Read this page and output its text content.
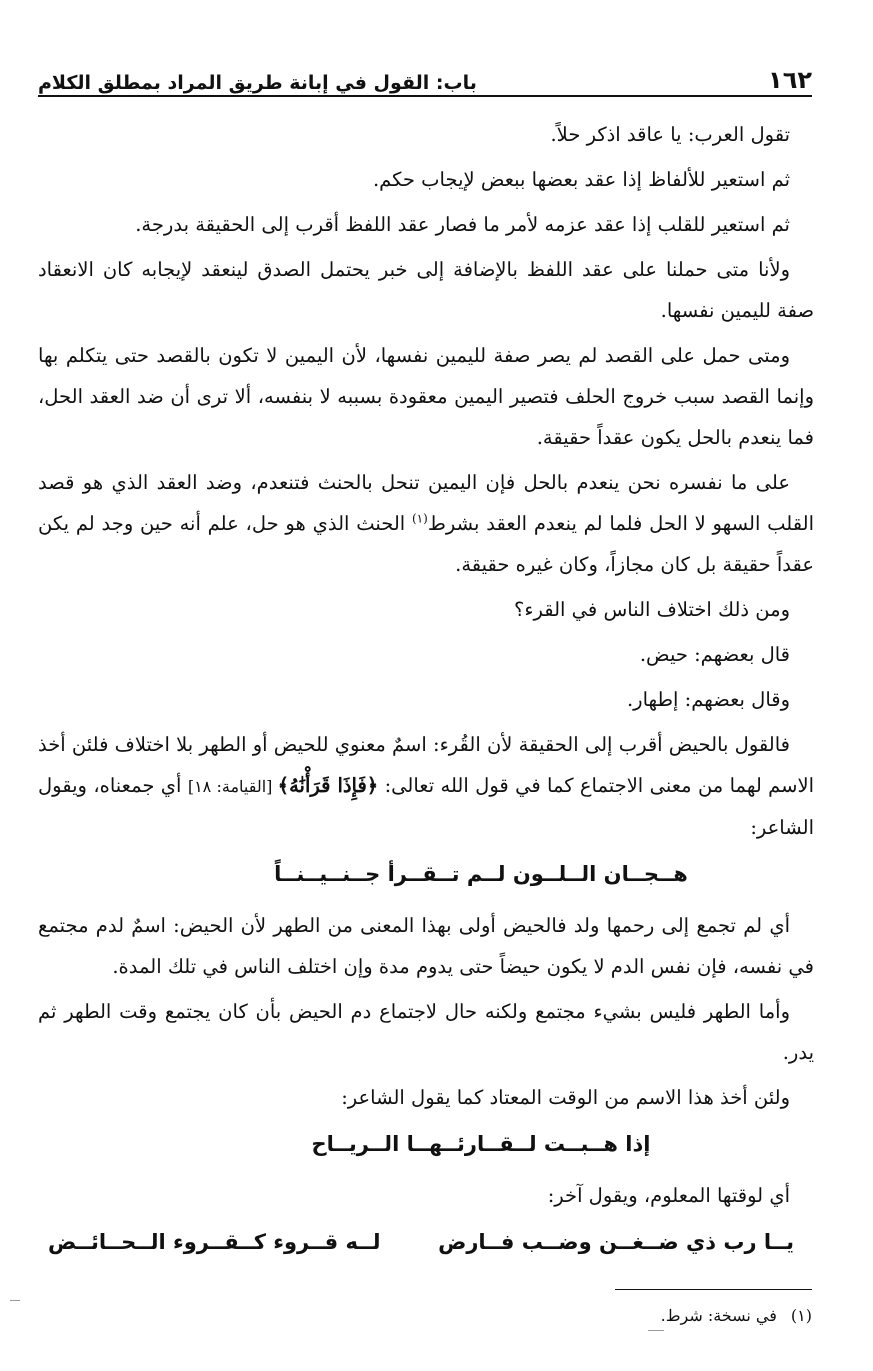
١٦٢
باب: القول في إبانة طريق المراد بمطلق الكلام

تقول العرب: يا عاقد اذكر حلاً.

ثم استعير للألفاظ إذا عقد بعضها ببعض لإيجاب حكم.

ثم استعير للقلب إذا عقد عزمه لأمر ما فصار عقد اللفظ أقرب إلى الحقيقة بدرجة.

ولأنا متى حملنا على عقد اللفظ بالإضافة إلى خبر يحتمل الصدق لينعقد لإيجابه كان الانعقاد صفة لليمين نفسها.

ومتى حمل على القصد لم يصر صفة لليمين نفسها، لأن اليمين لا تكون بالقصد حتى يتكلم بها وإنما القصد سبب خروج الحلف فتصير اليمين معقودة بسببه لا بنفسه، ألا ترى أن ضد العقد الحل، فما ينعدم بالحل يكون عقداً حقيقة.

على ما نفسره نحن ينعدم بالحل فإن اليمين تنحل بالحنث فتنعدم، وضد العقد الذي هو قصد القلب السهو لا الحل فلما لم ينعدم العقد بشرط$^{(١)}$ الحنث الذي هو حل، علم أنه حين وجد لم يكن عقداً حقيقة بل كان مجازاً، وكان غيره حقيقة.

ومن ذلك اختلاف الناس في القرء؟

قال بعضهم: حيض.

وقال بعضهم: إطهار.

فالقول بالحيض أقرب إلى الحقيقة لأن القُرء: اسمٌ معنوي للحيض أو الطهر بلا اختلاف فلئن أخذ الاسم لهما من معنى الاجتماع كما في قول الله تعالى: ﴿فَإِذَا قَرَأْنَٰهُ﴾ [القيامة: ١٨] أي جمعناه، ويقول الشاعر:

هــجــان الــلــون لــم تــقــرأ جــنــيــنــاً

أي لم تجمع إلى رحمها ولد فالحيض أولى بهذا المعنى من الطهر لأن الحيض: اسمٌ لدم مجتمع في نفسه، فإن نفس الدم لا يكون حيضاً حتى يدوم مدة وإن اختلف الناس في تلك المدة.

وأما الطهر فليس بشيء مجتمع ولكنه حال لاجتماع دم الحيض بأن كان يجتمع وقت الطهر ثم يدر.

ولئن أخذ هذا الاسم من الوقت المعتاد كما يقول الشاعر:

إذا هــبــت لــقــارئــهــا الــريــاح

أي لوقتها المعلوم، ويقول آخر:

يــا رب ذي ضــغــن وضــب فــارض
لــه قــروء كــقــروء الــحــائــض
(١)في نسخة: شرط.
